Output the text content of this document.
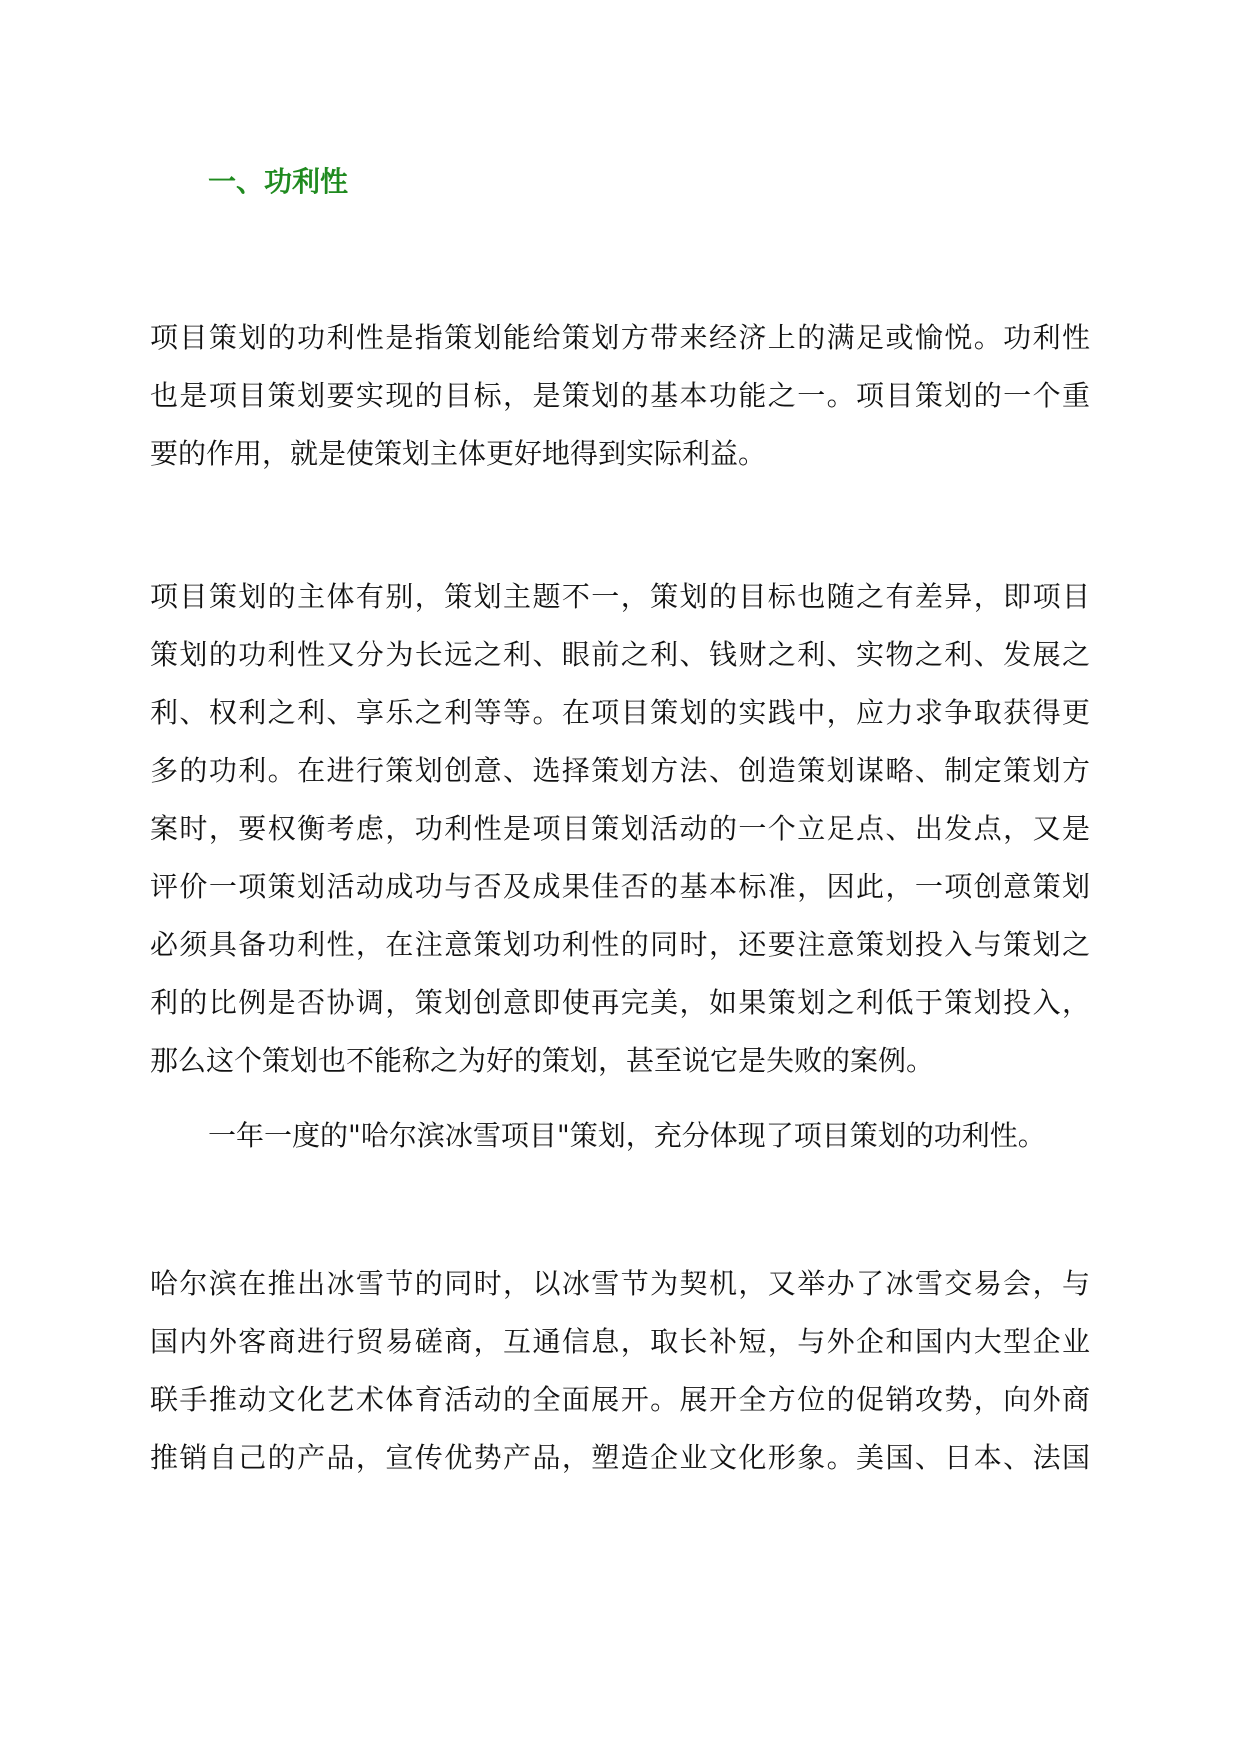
一、功利性

项目策划的功利性是指策划能给策划方带来经济上的满足或愉悦。功利性

也是项目策划要实现的目标，是策划的基本功能之一。项目策划的一个重

要的作用，就是使策划主体更好地得到实际利益。

项目策划的主体有别，策划主题不一，策划的目标也随之有差异，即项目

策划的功利性又分为长远之利、眼前之利、钱财之利、实物之利、发展之

利、权利之利、享乐之利等等。在项目策划的实践中，应力求争取获得更

多的功利。在进行策划创意、选择策划方法、创造策划谋略、制定策划方

案时，要权衡考虑，功利性是项目策划活动的一个立足点、出发点，又是

评价一项策划活动成功与否及成果佳否的基本标准，因此，一项创意策划

必须具备功利性，在注意策划功利性的同时，还要注意策划投入与策划之

利的比例是否协调，策划创意即使再完美，如果策划之利低于策划投入，

那么这个策划也不能称之为好的策划，甚至说它是失败的案例。

一年一度的"哈尔滨冰雪项目"策划，充分体现了项目策划的功利性。

哈尔滨在推出冰雪节的同时，以冰雪节为契机，又举办了冰雪交易会，与

国内外客商进行贸易磋商，互通信息，取长补短，与外企和国内大型企业

联手推动文化艺术体育活动的全面展开。展开全方位的促销攻势，向外商

推销自己的产品，宣传优势产品，塑造企业文化形象。美国、日本、法国
